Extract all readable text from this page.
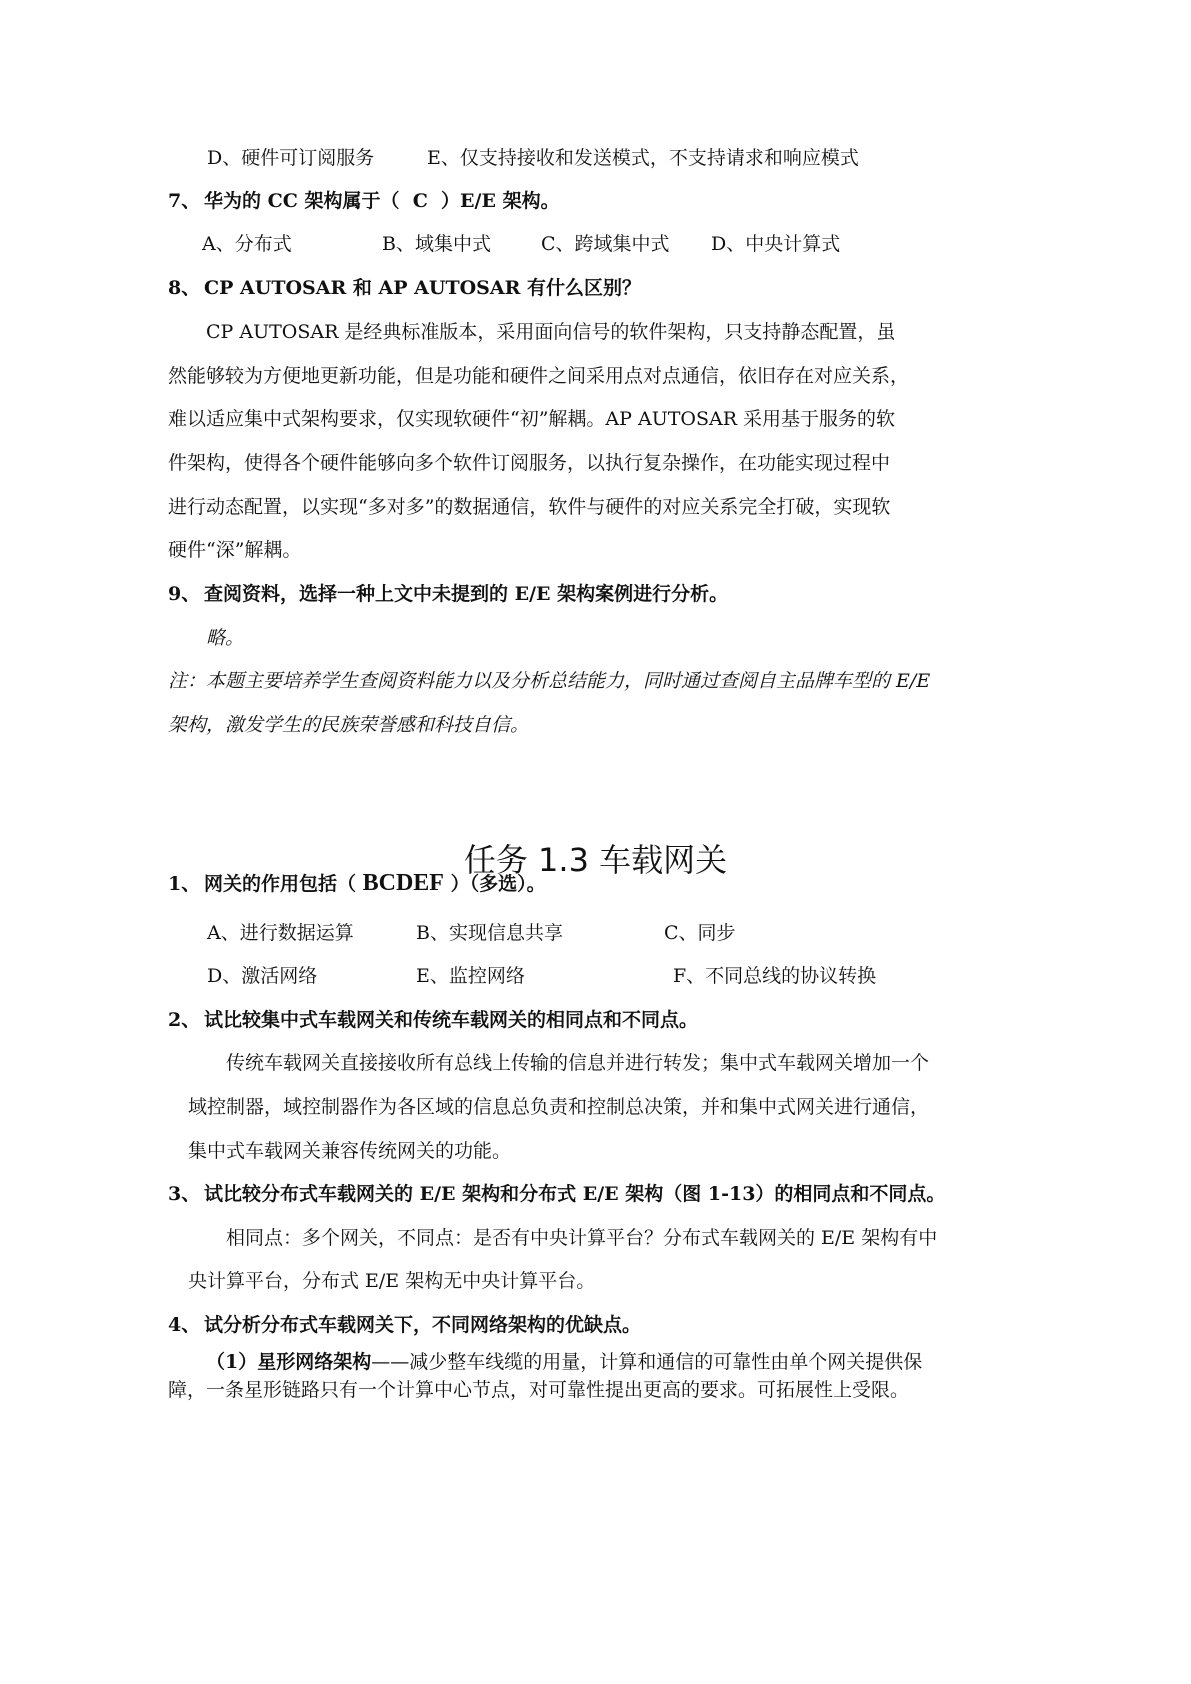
D、硬件可订阅服务	E、仅支持接收和发送模式，不支持请求和响应模式
7、 华为的 CC 架构属于（  C  ）E/E 架构。
A、分布式	B、域集中式	C、跨域集中式 D、中央计算式
8、 CP AUTOSAR 和 AP AUTOSAR 有什么区别？
CP AUTOSAR 是经典标准版本，采用面向信号的软件架构，只支持静态配置，虽
然能够较为方便地更新功能，但是功能和硬件之间采用点对点通信，依旧存在对应关系，
难以适应集中式架构要求，仅实现软硬件“初”解耦。AP AUTOSAR 采用基于服务的软
件架构，使得各个硬件能够向多个软件订阅服务，以执行复杂操作，在功能实现过程中
进行动态配置，以实现“多对多”的数据通信，软件与硬件的对应关系完全打破，实现软
硬件“深”解耦。
9、 查阅资料，选择一种上文中未提到的 E/E 架构案例进行分析。
略。
注：本题主要培养学生查阅资料能力以及分析总结能力，同时通过查阅自主品牌车型的 E/E
架构，激发学生的民族荣誉感和科技自信。
任务 1.3 车载网关
1、 网关的作用包括（ BCDEF ）（多选）。
A、进行数据运算	B、实现信息共享	C、同步
D、激活网络	E、监控网络	F、不同总线的协议转换
2、 试比较集中式车载网关和传统车载网关的相同点和不同点。
传统车载网关直接接收所有总线上传输的信息并进行转发；集中式车载网关增加一个
域控制器，域控制器作为各区域的信息总负责和控制总决策，并和集中式网关进行通信，
集中式车载网关兼容传统网关的功能。
3、 试比较分布式车载网关的 E/E 架构和分布式 E/E 架构（图 1-13）的相同点和不同点。
相同点：多个网关，不同点：是否有中央计算平台？分布式车载网关的 E/E 架构有中
央计算平台，分布式 E/E 架构无中央计算平台。
4、 试分析分布式车载网关下，不同网络架构的优缺点。
（1）星形网络架构——减少整车线缆的用量，计算和通信的可靠性由单个网关提供保
障，一条星形链路只有一个计算中心节点，对可靠性提出更高的要求。可拓展性上受限。
